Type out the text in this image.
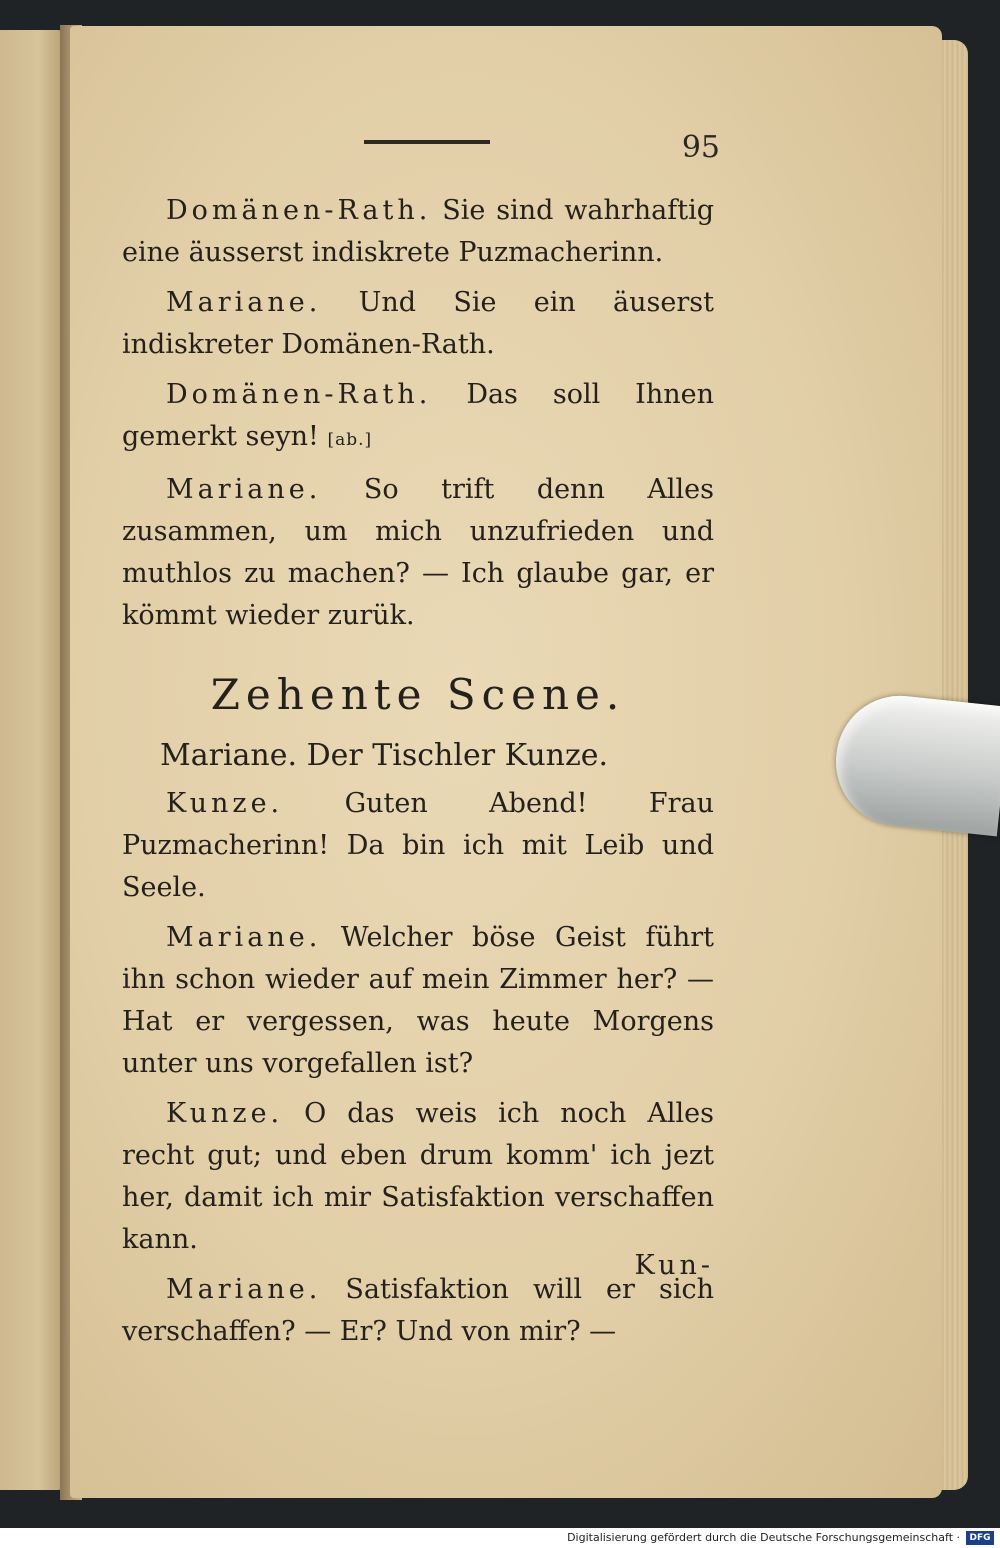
95

Domänen-Rath. Sie sind wahrhaftig eine äusserst indiskrete Puzmacherinn.

Mariane. Und Sie ein äuserst indiskreter Domänen-Rath.

Domänen-Rath. Das soll Ihnen gemerkt seyn! [ab.]

Mariane. So trift denn Alles zusammen, um mich unzufrieden und muthlos zu machen? — Ich glaube gar, er kömmt wieder zurük.

Zehente Scene.
Mariane. Der Tischler Kunze.

Kunze. Guten Abend! Frau Puzmacherinn! Da bin ich mit Leib und Seele.

Mariane. Welcher böse Geist führt ihn schon wieder auf mein Zimmer her? — Hat er vergessen, was heute Morgens unter uns vorgefallen ist?

Kunze. O das weis ich noch Alles recht gut; und eben drum komm' ich jezt her, damit ich mir Satisfaktion verschaffen kann.

Mariane. Satisfaktion will er sich verschaffen? — Er? Und von mir? —

Kun-
Digitalisierung gefördert durch die Deutsche Forschungsgemeinschaft ·	DFG
